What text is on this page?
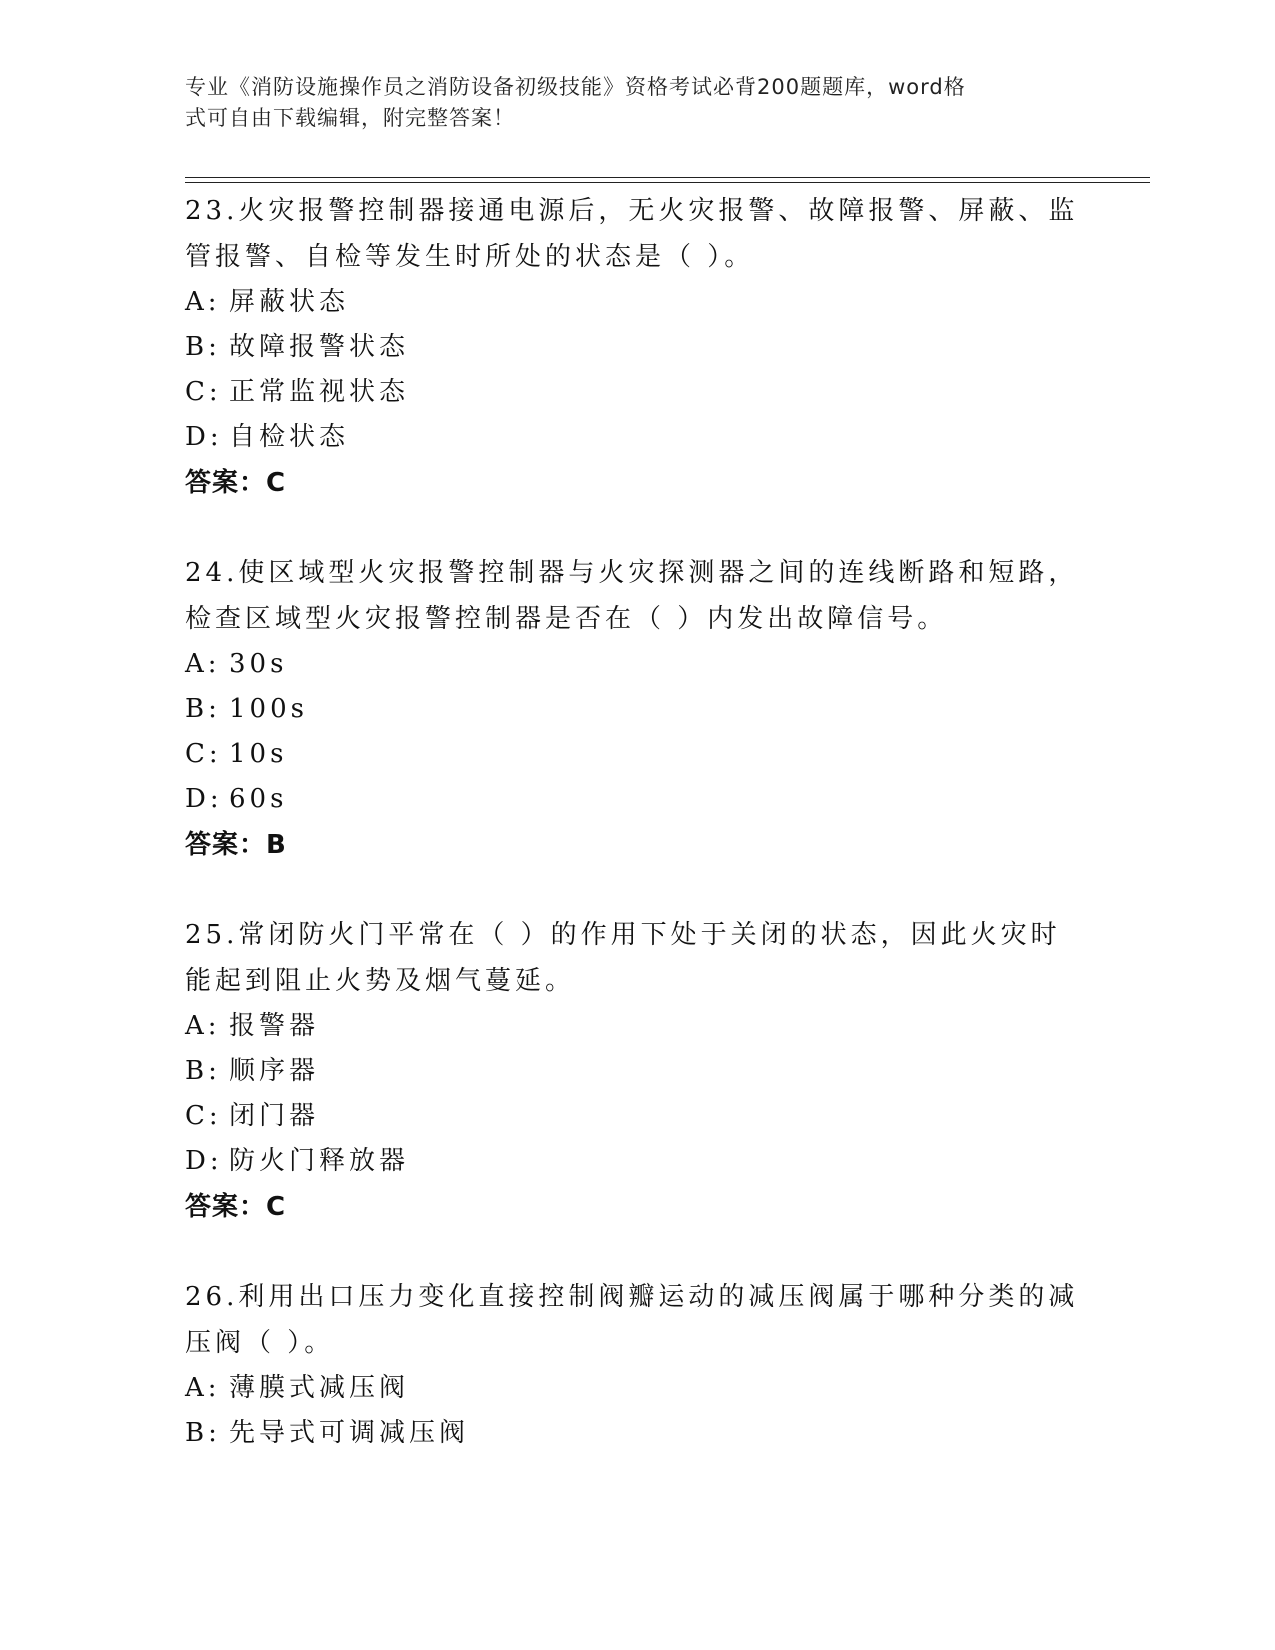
专业《消防设施操作员之消防设备初级技能》资格考试必背200题题库，word格
式可自由下载编辑，附完整答案！
23.火灾报警控制器接通电源后，无火灾报警、故障报警、屏蔽、监管报警、自检等发生时所处的状态是（ ）。
A: 屏蔽状态
B: 故障报警状态
C: 正常监视状态
D: 自检状态
答案：C
24.使区域型火灾报警控制器与火灾探测器之间的连线断路和短路，检查区域型火灾报警控制器是否在（ ）内发出故障信号。
A: 30s
B: 100s
C: 10s
D: 60s
答案：B
25.常闭防火门平常在（ ）的作用下处于关闭的状态，因此火灾时能起到阻止火势及烟气蔓延。
A: 报警器
B: 顺序器
C: 闭门器
D: 防火门释放器
答案：C
26.利用出口压力变化直接控制阀瓣运动的减压阀属于哪种分类的减压阀（ ）。
A: 薄膜式减压阀
B: 先导式可调减压阀
